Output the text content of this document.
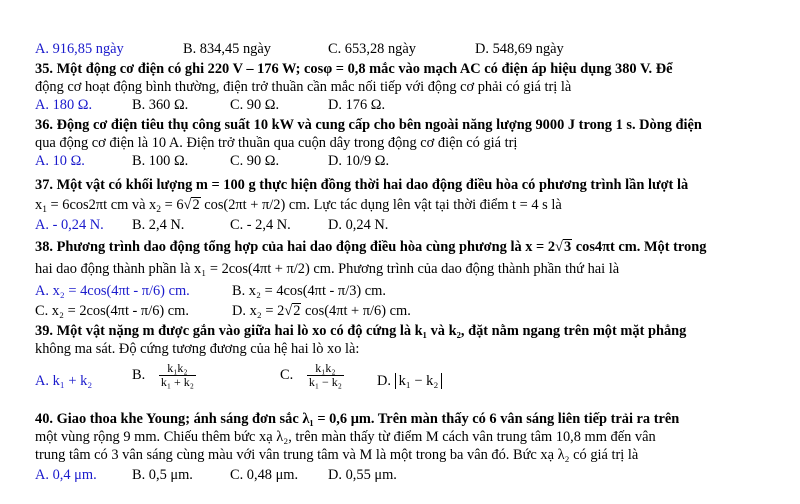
A. 916,85 ngày	B. 834,45 ngày	C. 653,28 ngày	D. 548,69 ngày
35. Một động cơ điện có ghi 220 V – 176 W; cosφ = 0,8 mắc vào mạch AC có điện áp hiệu dụng 380 V. Để
động cơ hoạt động bình thường, điện trở thuần cần mắc nối tiếp với động cơ phải có giá trị là
A. 180 Ω.	B. 360 Ω.	C. 90 Ω.	D. 176 Ω.
36. Động cơ điện tiêu thụ công suất 10 kW và cung cấp cho bên ngoài năng lượng 9000 J trong 1 s. Dòng điện
qua động cơ điện là 10 A. Điện trở thuần qua cuộn dây trong động cơ điện có giá trị
A. 10 Ω.	B. 100 Ω.	C. 90 Ω.	D. 10/9 Ω.
37. Một vật có khối lượng m = 100 g thực hiện đồng thời hai dao động điều hòa có phương trình lần lượt là
$x_1 = 6\cos 2\pi t$ cm và $x_2 = 6√2$ cos(2πt + π/2) cm. Lực tác dụng lên vật tại thời điểm t = 4 s là
A. - 0,24 N. B. 2,4 N.	C. - 2,4 N.	D. 0,24 N.
38. Phương trình dao động tổng hợp của hai dao động điều hòa cùng phương là x = 2√3 cos4πt cm. Một trong
hai dao động thành phần là x₁ = 2cos(4πt + π/2) cm. Phương trình của dao động thành phần thứ hai là
A. x₂ = 4cos(4πt - π/6) cm.	B. x₂ = 4cos(4πt - π/3) cm.
C. x₂ = 2cos(4πt - π/6) cm.	D. x₂ = 2√2 cos(4πt + π/6) cm.
39. Một vật nặng m được gắn vào giữa hai lò xo có độ cứng là k₁ và k₂, đặt nằm ngang trên một mặt phẳng
không ma sát. Độ cứng tương đương của hệ hai lò xo là:
A. k₁ + k₂	B. $\frac{\text{k₁k₂}}{\text{k₁ + k₂}}$	C. $\frac{\text{k₁k₂}}{\text{k₁ − k₂}} D$. k₁ − k₂
40. Giao thoa khe Young; ánh sáng đơn sắc λ₁ = 0,6 μm. Trên màn thấy có 6 vân sáng liên tiếp trải ra trên
một vùng rộng 9 mm. Chiếu thêm bức xạ λ₂, trên màn thấy từ điểm M cách vân trung tâm 10,8 mm đến vân
trung tâm có 3 vân sáng cùng màu với vân trung tâm và M là một trong ba vân đó. Bức xạ λ₂ có giá trị là
A. 0,4 μm. B. 0,5 μm.	C. 0,48 μm. D. 0,55 μm.
